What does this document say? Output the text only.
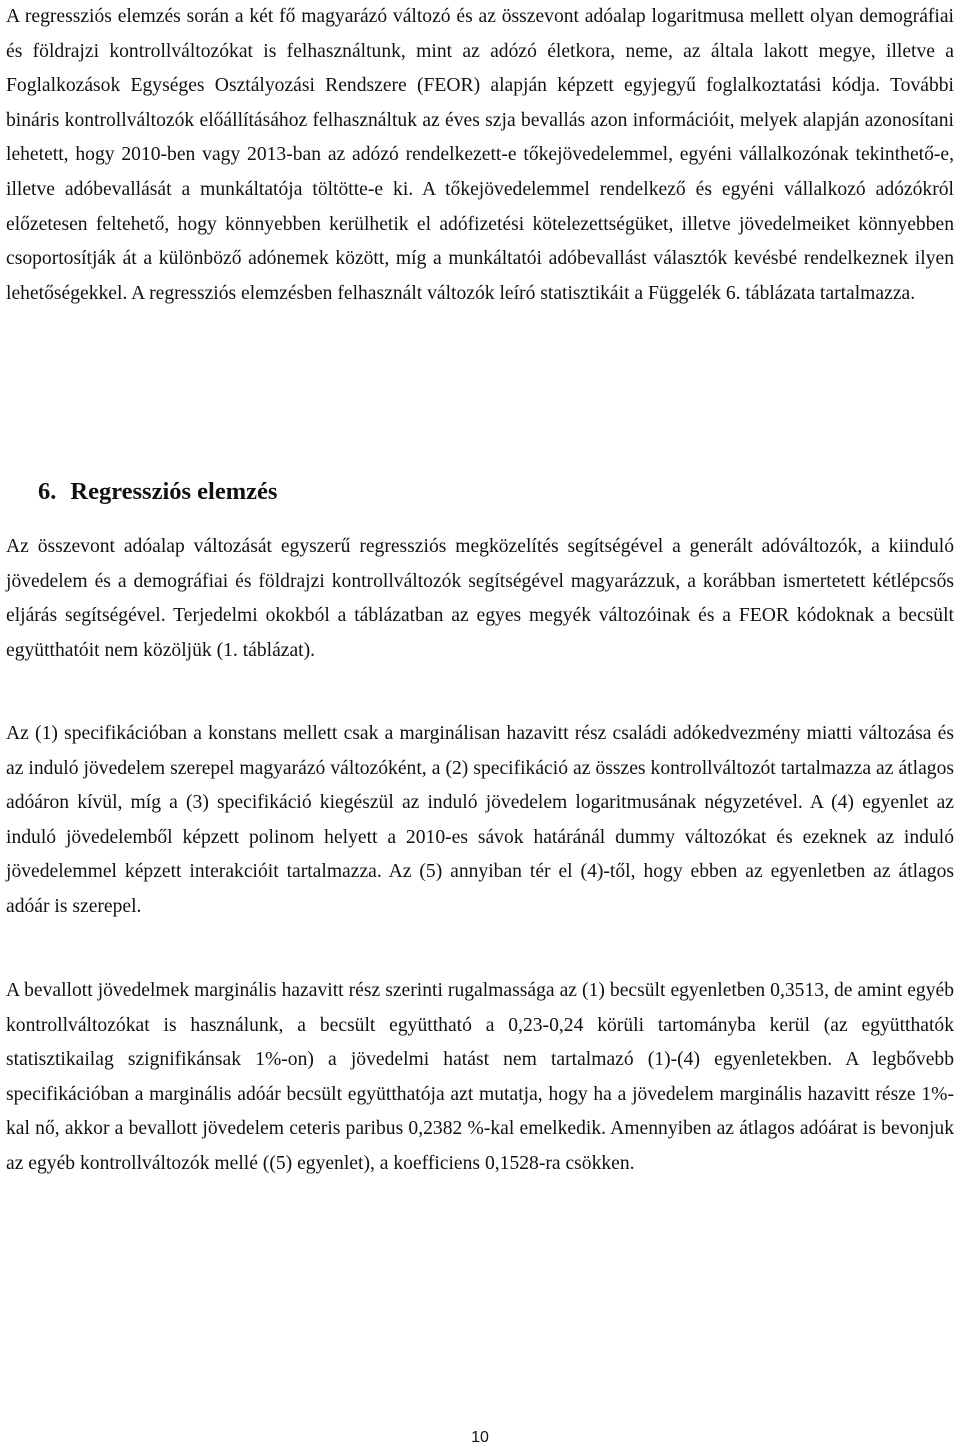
A regressziós elemzés során a két fő magyarázó változó és az összevont adóalap logaritmusa mellett olyan demográfiai és földrajzi kontrollváltozókat is felhasználtunk, mint az adózó életkora, neme, az általa lakott megye, illetve a Foglalkozások Egységes Osztályozási Rendszere (FEOR) alapján képzett egyjegyű foglalkoztatási kódja. További bináris kontrollváltozók előállításához felhasználtuk az éves szja bevallás azon információit, melyek alapján azonosítani lehetett, hogy 2010-ben vagy 2013-ban az adózó rendelkezett-e tőkejövedelemmel, egyéni vállalkozónak tekinthető-e, illetve adóbevallását a munkáltatója töltötte-e ki. A tőkejövedelemmel rendelkező és egyéni vállalkozó adózókról előzetesen feltehető, hogy könnyebben kerülhetik el adófizetési kötelezettségüket, illetve jövedelmeiket könnyebben csoportosítják át a különböző adónemek között, míg a munkáltatói adóbevallást választók kevésbé rendelkeznek ilyen lehetőségekkel. A regressziós elemzésben felhasznált változók leíró statisztikáit a Függelék 6. táblázata tartalmazza.

6. Regressziós elemzés

Az összevont adóalap változását egyszerű regressziós megközelítés segítségével a generált adóváltozók, a kiinduló jövedelem és a demográfiai és földrajzi kontrollváltozók segítségével magyarázzuk, a korábban ismertetett kétlépcsős eljárás segítségével. Terjedelmi okokból a táblázatban az egyes megyék változóinak és a FEOR kódoknak a becsült együtthatóit nem közöljük (1. táblázat).

Az (1) specifikációban a konstans mellett csak a marginálisan hazavitt rész családi adókedvezmény miatti változása és az induló jövedelem szerepel magyarázó változóként, a (2) specifikáció az összes kontrollváltozót tartalmazza az átlagos adóáron kívül, míg a (3) specifikáció kiegészül az induló jövedelem logaritmusának négyzetével. A (4) egyenlet az induló jövedelemből képzett polinom helyett a 2010-es sávok határánál dummy változókat és ezeknek az induló jövedelemmel képzett interakcióit tartalmazza. Az (5) annyiban tér el (4)-től, hogy ebben az egyenletben az átlagos adóár is szerepel.

A bevallott jövedelmek marginális hazavitt rész szerinti rugalmassága az (1) becsült egyenletben 0,3513, de amint egyéb kontrollváltozókat is használunk, a becsült együttható a 0,23-0,24 körüli tartományba kerül (az együtthatók statisztikailag szignifikánsak 1%-on) a jövedelmi hatást nem tartalmazó (1)-(4) egyenletekben. A legbővebb specifikációban a marginális adóár becsült együtthatója azt mutatja, hogy ha a jövedelem marginális hazavitt része 1%-kal nő, akkor a bevallott jövedelem ceteris paribus 0,2382 %-kal emelkedik. Amennyiben az átlagos adóárat is bevonjuk az egyéb kontrollváltozók mellé ((5) egyenlet), a koefficiens 0,1528-ra csökken.

10
